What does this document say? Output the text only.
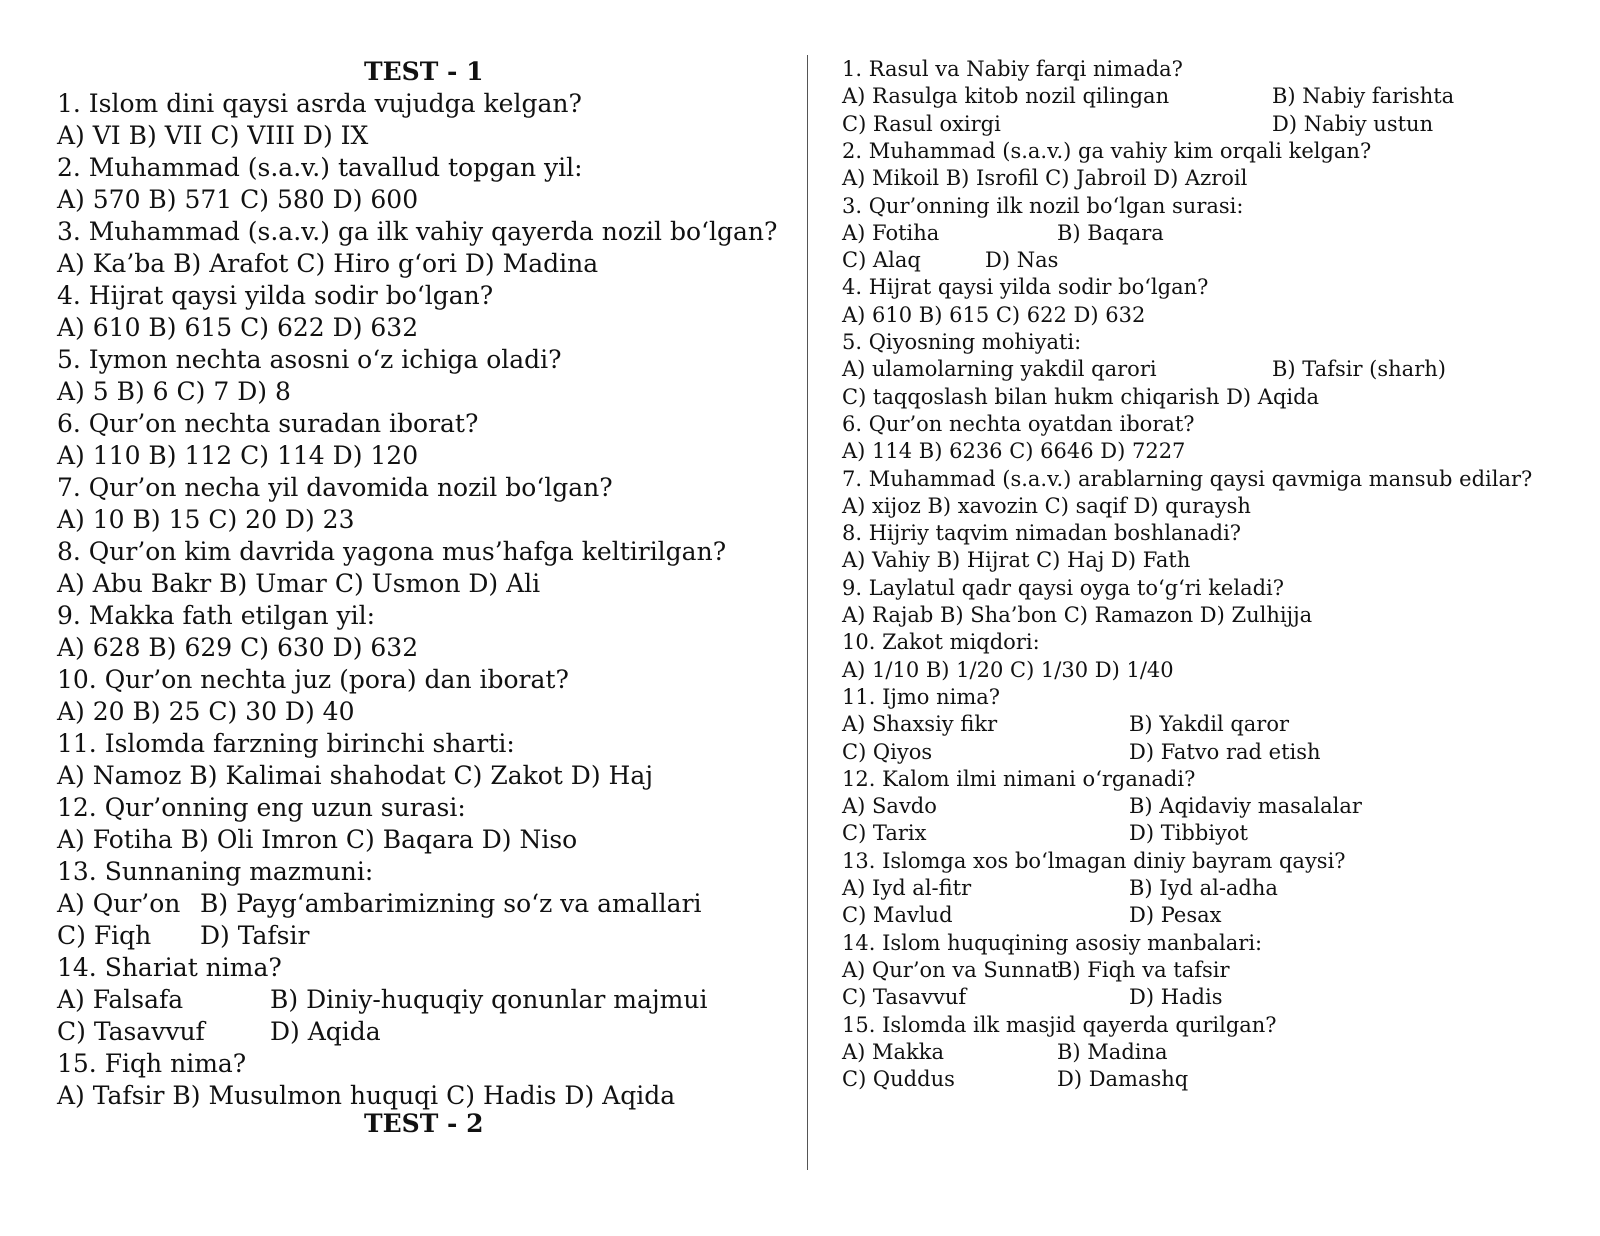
TEST - 1
TEST - 2
1. Islom dini qaysi asrda vujudga kelgan?
A) VI B) VII C) VIII D) IX
2. Muhammad (s.a.v.) tavallud topgan yil:
A) 570 B) 571 C) 580 D) 600
3. Muhammad (s.a.v.) ga ilk vahiy qayerda nozil bo‘lgan?
A) Ka’ba B) Arafot C) Hiro g‘ori D) Madina
4. Hijrat qaysi yilda sodir bo‘lgan?
A) 610 B) 615 C) 622 D) 632
5. Iymon nechta asosni o‘z ichiga oladi?
A) 5 B) 6 C) 7 D) 8
6. Qur’on nechta suradan iborat?
A) 110 B) 112 C) 114 D) 120
7. Qur’on necha yil davomida nozil bo‘lgan?
A) 10 B) 15 C) 20 D) 23
8. Qur’on kim davrida yagona mus’hafga keltirilgan?
A) Abu Bakr B) Umar C) Usmon D) Ali
9. Makka fath etilgan yil:
A) 628 B) 629 C) 630 D) 632
10. Qur’on nechta juz (pora) dan iborat?
A) 20 B) 25 C) 30 D) 40
11. Islomda farzning birinchi sharti:
A) Namoz B) Kalimai shahodat C) Zakot D) Haj
12. Qur’onning eng uzun surasi:
A) Fotiha B) Oli Imron C) Baqara D) Niso
13. Sunnaning mazmuni:
A) Qur’on B) Payg‘ambarimizning so‘z va amallari
C) Fiqh D) Tafsir
14. Shariat nima?
A) Falsafa	B) Diniy-huquqiy qonunlar majmui
C) Tasavvuf	D) Aqida
15. Fiqh nima?
A) Tafsir B) Musulmon huquqi C) Hadis D) Aqida
1. Rasul va Nabiy farqi nimada?
A) Rasulga kitob nozil qilingan	B) Nabiy farishta
C) Rasul oxirgi	D) Nabiy ustun
2. Muhammad (s.a.v.) ga vahiy kim orqali kelgan?
A) Mikoil B) Isrofil C) Jabroil D) Azroil
3. Qur’onning ilk nozil bo‘lgan surasi:
A) Fotiha	B) Baqara
C) Alaq	D) Nas
4. Hijrat qaysi yilda sodir bo‘lgan?
A) 610 B) 615 C) 622 D) 632
5. Qiyosning mohiyati:
A) ulamolarning yakdil qarori	B) Tafsir (sharh)
C) taqqoslash bilan hukm chiqarish D) Aqida
6. Qur’on nechta oyatdan iborat?
A) 114 B) 6236 C) 6646 D) 7227
7. Muhammad (s.a.v.) arablarning qaysi qavmiga mansub edilar?
A) xijoz B) xavozin C) saqif D) quraysh
8. Hijriy taqvim nimadan boshlanadi?
A) Vahiy B) Hijrat C) Haj D) Fath
9. Laylatul qadr qaysi oyga to‘g‘ri keladi?
A) Rajab B) Sha’bon C) Ramazon D) Zulhijja
10. Zakot miqdori:
A) 1/10 B) 1/20 C) 1/30 D) 1/40
11. Ijmo nima?
A) Shaxsiy fikr	B) Yakdil qaror
C) Qiyos	D) Fatvo rad etish
12. Kalom ilmi nimani o‘rganadi?
A) Savdo	B) Aqidaviy masalalar
C) Tarix	D) Tibbiyot
13. Islomga xos bo‘lmagan diniy bayram qaysi?
A) Iyd al-fitr	B) Iyd al-adha
C) Mavlud	D) Pesax
14. Islom huquqining asosiy manbalari:
A) Qur’on va Sunnat
B) Fiqh va tafsir
C) Tasavvuf	D) Hadis
15. Islomda ilk masjid qayerda qurilgan?
A) Makka	B) Madina
C) Quddus	D) Damashq
